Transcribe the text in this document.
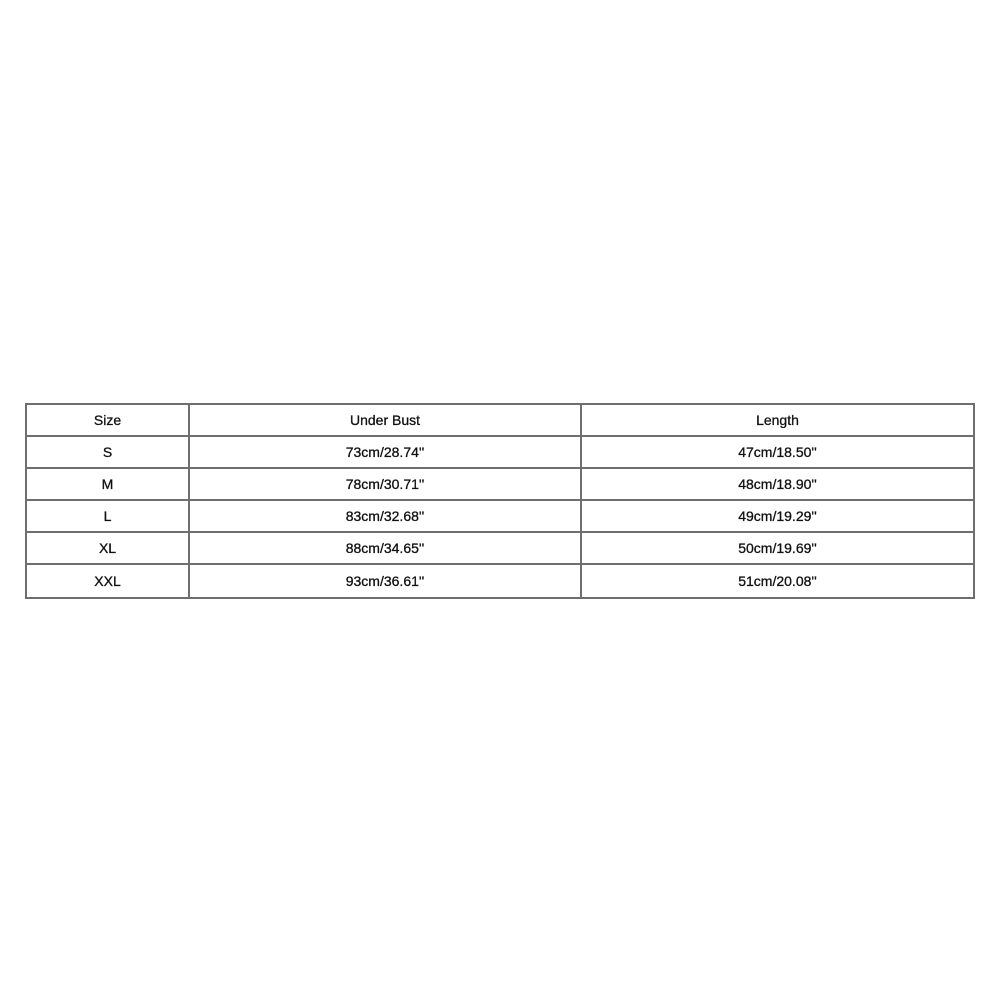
Size	Under Bust	Length
S	73cm/28.74''	47cm/18.50''
M	78cm/30.71''	48cm/18.90''
L	83cm/32.68''	49cm/19.29''
XL	88cm/34.65''	50cm/19.69''
XXL	93cm/36.61''	51cm/20.08''
